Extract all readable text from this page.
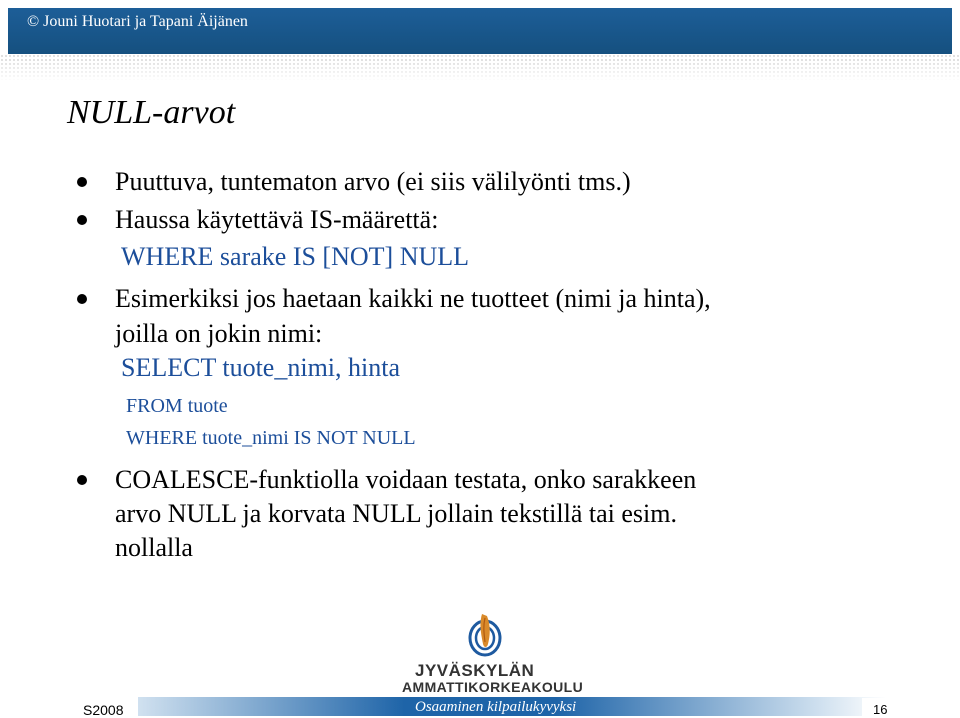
© Jouni Huotari ja Tapani Äijänen
NULL-arvot
Puuttuva, tuntematon arvo (ei siis välilyönti tms.)
Haussa käytettävä IS-määrettä:
WHERE sarake IS [NOT] NULL
Esimerkiksi jos haetaan kaikki ne tuotteet (nimi ja hinta),
joilla on jokin nimi:
SELECT tuote_nimi, hinta
FROM tuote
WHERE tuote_nimi IS NOT NULL
COALESCE-funktiolla voidaan testata, onko sarakkeen
arvo NULL ja korvata NULL jollain tekstillä tai esim.
nollalla
JYVÄSKYLÄN
AMMATTIKORKEAKOULU
S2008	Osaaminen kilpailukyvyksi	16
